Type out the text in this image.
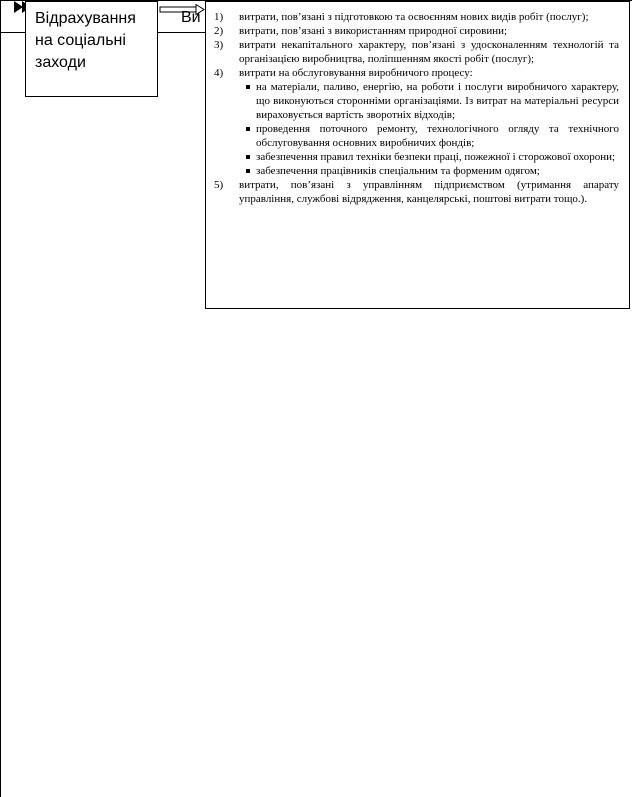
Відрахування
на соціальні
заходи
Ви	1) витрати, пов’язані з підготовкою та освоєнням нових видів робіт (послуг);
2) витрати, пов’язані з використанням природної сировини;
3) витрати некапітального характеру, пов’язані з удосконаленням технологій та організацією виробництва, поліпшенням якості робіт (послуг);
4) витрати на обслуговування виробничого процесу:
на матеріали, паливо, енергію, на роботи і послуги виробничого характеру, що виконуються сторонніми організаціями. Із витрат на матеріальні ресурси вираховується вартість зворотніх відходів;
проведення поточного ремонту, технологічного огляду та технічного обслуговування основних виробничих фондів;
забезпечення правил техніки безпеки праці, пожежної і сторожової охорони;
забезпечення працівників спеціальним та форменим одягом;
5) витрати, пов’язані з управлінням підприємством (утримання апарату управління, службові відрядження, канцелярські, поштові витрати тощо.).
